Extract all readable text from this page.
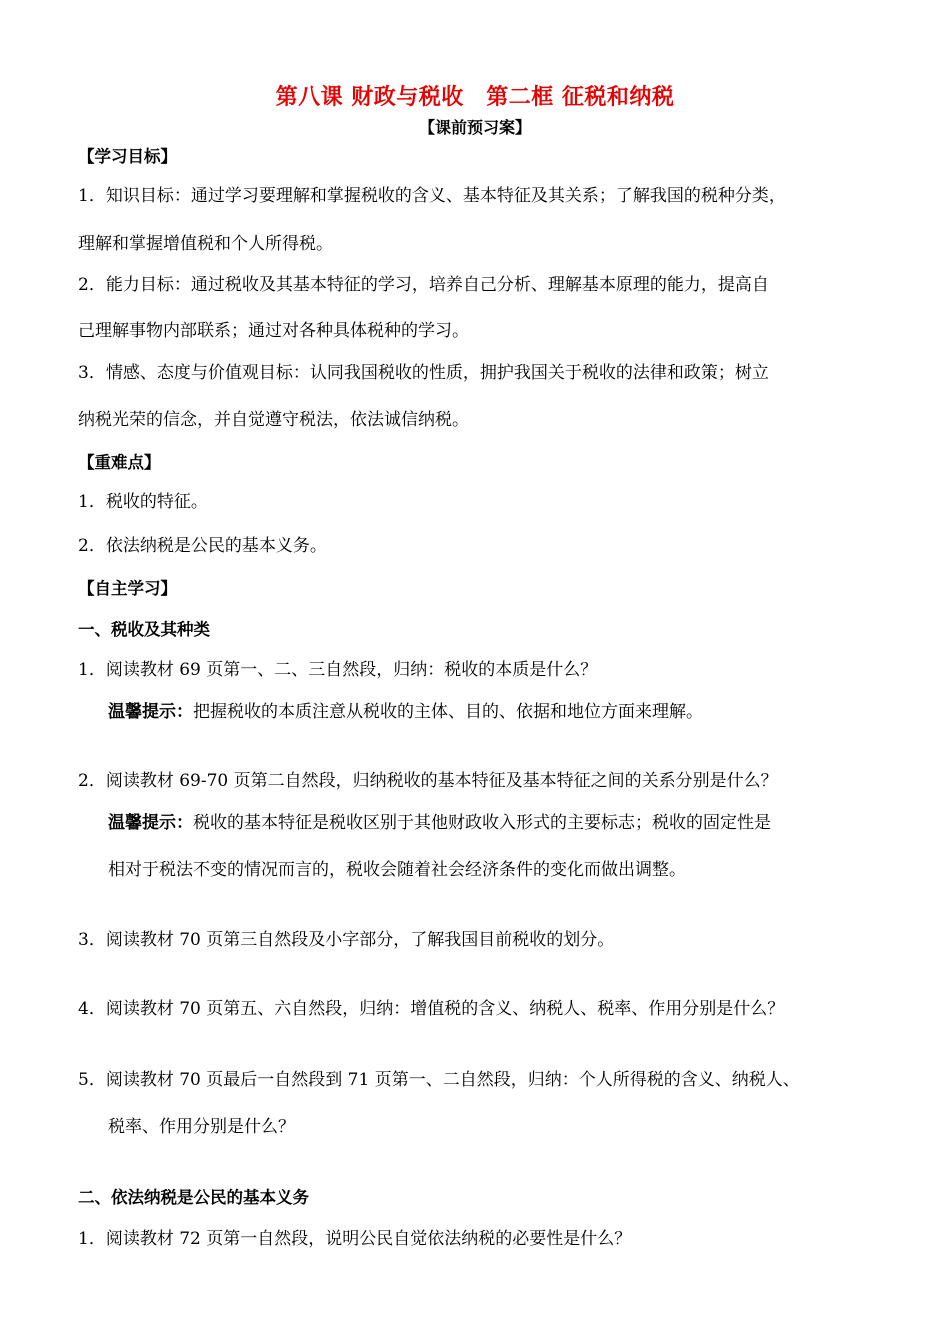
第八课 财政与税收　第二框 征税和纳税
【课前预习案】
【学习目标】
1．知识目标：通过学习要理解和掌握税收的含义、基本特征及其关系；了解我国的税种分类，
理解和掌握增值税和个人所得税。
2．能力目标：通过税收及其基本特征的学习，培养自己分析、理解基本原理的能力，提高自
己理解事物内部联系；通过对各种具体税种的学习。
3．情感、态度与价值观目标：认同我国税收的性质，拥护我国关于税收的法律和政策；树立
纳税光荣的信念，并自觉遵守税法，依法诚信纳税。
【重难点】
1．税收的特征。
2．依法纳税是公民的基本义务。
【自主学习】
一、税收及其种类
1．阅读教材 69 页第一、二、三自然段，归纳：税收的本质是什么？
温馨提示：把握税收的本质注意从税收的主体、目的、依据和地位方面来理解。
2．阅读教材 69-70 页第二自然段，归纳税收的基本特征及基本特征之间的关系分别是什么？
温馨提示：税收的基本特征是税收区别于其他财政收入形式的主要标志；税收的固定性是
相对于税法不变的情况而言的，税收会随着社会经济条件的变化而做出调整。
3．阅读教材 70 页第三自然段及小字部分，了解我国目前税收的划分。
4．阅读教材 70 页第五、六自然段，归纳：增值税的含义、纳税人、税率、作用分别是什么？
5．阅读教材 70 页最后一自然段到 71 页第一、二自然段，归纳：个人所得税的含义、纳税人、
税率、作用分别是什么？
二、依法纳税是公民的基本义务
1．阅读教材 72 页第一自然段，说明公民自觉依法纳税的必要性是什么？
